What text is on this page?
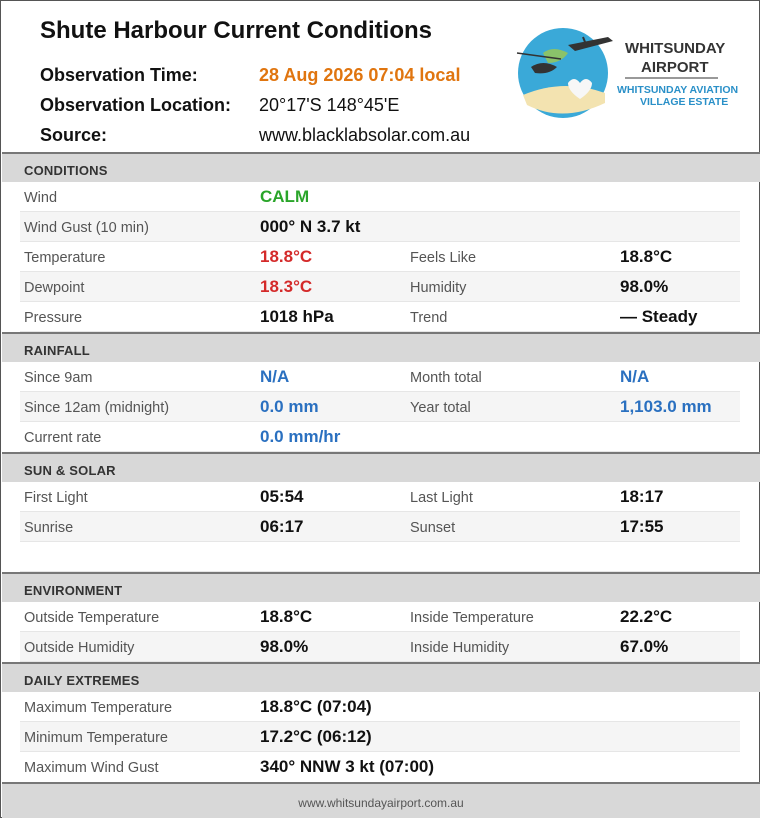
Shute Harbour Current Conditions
Observation Time:	28 Aug 2026 07:04 local
Observation Location: 20°17'S 148°45'E
Source:	www.blacklabsolar.com.au
WHITSUNDAY
AIRPORT
WHITSUNDAY AVIATION
VILLAGE ESTATE
CONDITIONS
Wind	CALM
Wind Gust (10 min)	000° N 3.7 kt
Temperature	18.8°C	Feels Like	18.8°C
Dewpoint	18.3°C	Humidity	98.0%
Pressure	1018 hPa	Trend	— Steady
RAINFALL
Since 9am	N/A	Month total	N/A
Since 12am (midnight)	0.0 mm	Year total	1,103.0 mm
Current rate	0.0 mm/hr
SUN & SOLAR
First Light	05:54	Last Light	18:17
Sunrise	06:17	Sunset	17:55
ENVIRONMENT
Outside Temperature	18.8°C	Inside Temperature	22.2°C
Outside Humidity	98.0%	Inside Humidity	67.0%
DAILY EXTREMES
Maximum Temperature	18.8°C (07:04)
Minimum Temperature	17.2°C (06:12)
Maximum Wind Gust	340° NNW 3 kt (07:00)
www.whitsundayairport.com.au
